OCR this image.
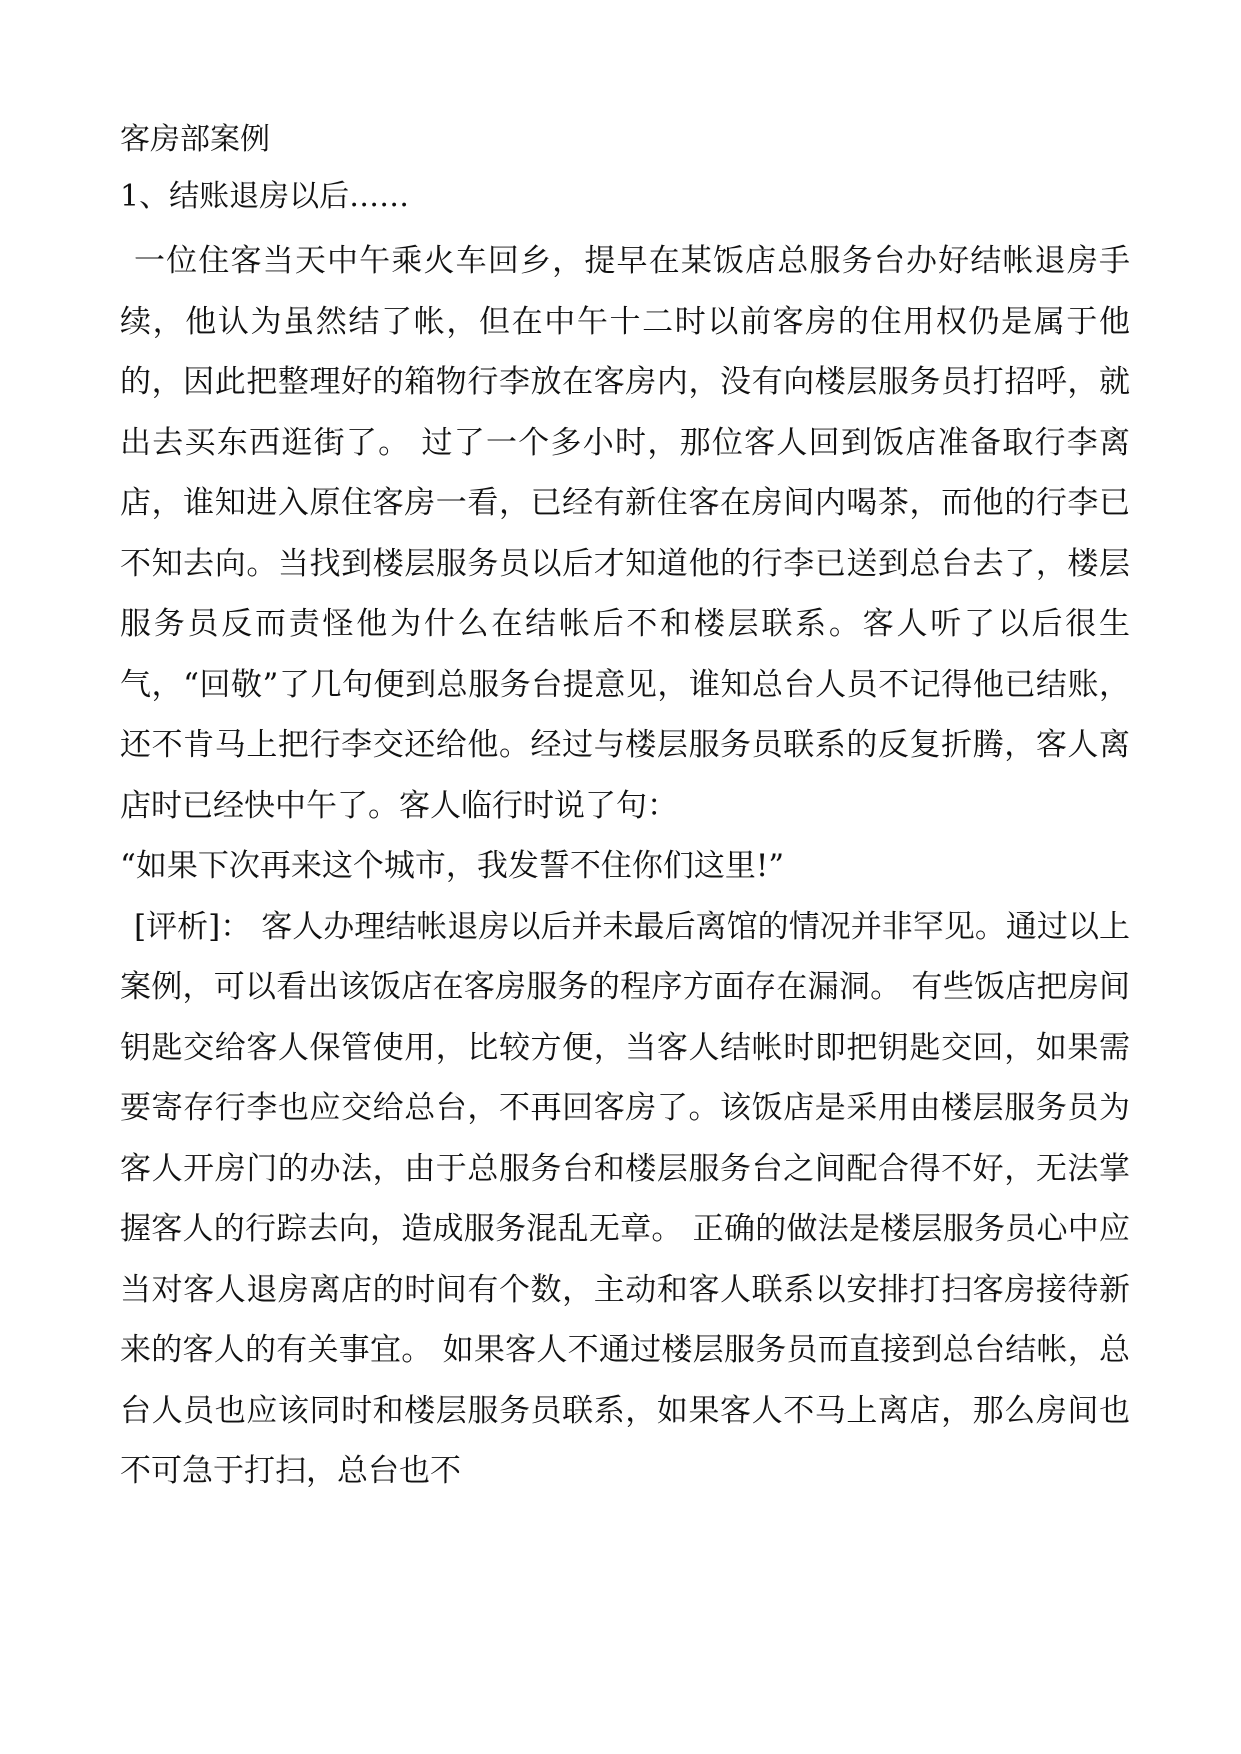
客房部案例
1、结账退房以后……

一位住客当天中午乘火车回乡，提早在某饭店总服务台办好结帐退房手续，他认为虽然结了帐，但在中午十二时以前客房的住用权仍是属于他的，因此把整理好的箱物行李放在客房内，没有向楼层服务员打招呼，就出去买东西逛街了。 过了一个多小时，那位客人回到饭店准备取行李离店，谁知进入原住客房一看，已经有新住客在房间内喝茶，而他的行李已不知去向。当找到楼层服务员以后才知道他的行李已送到总台去了，楼层服务员反而责怪他为什么在结帐后不和楼层联系。客人听了以后很生气，“回敬”了几句便到总服务台提意见，谁知总台人员不记得他已结账，还不肯马上把行李交还给他。经过与楼层服务员联系的反复折腾，客人离店时已经快中午了。客人临行时说了句：

“如果下次再来这个城市，我发誓不住你们这里!”

[评析]： 客人办理结帐退房以后并未最后离馆的情况并非罕见。通过以上案例，可以看出该饭店在客房服务的程序方面存在漏洞。 有些饭店把房间钥匙交给客人保管使用，比较方便，当客人结帐时即把钥匙交回，如果需要寄存行李也应交给总台，不再回客房了。该饭店是采用由楼层服务员为客人开房门的办法，由于总服务台和楼层服务台之间配合得不好，无法掌握客人的行踪去向，造成服务混乱无章。 正确的做法是楼层服务员心中应当对客人退房离店的时间有个数，主动和客人联系以安排打扫客房接待新来的客人的有关事宜。 如果客人不通过楼层服务员而直接到总台结帐，总台人员也应该同时和楼层服务员联系，如果客人不马上离店，那么房间也不可急于打扫，总台也不
